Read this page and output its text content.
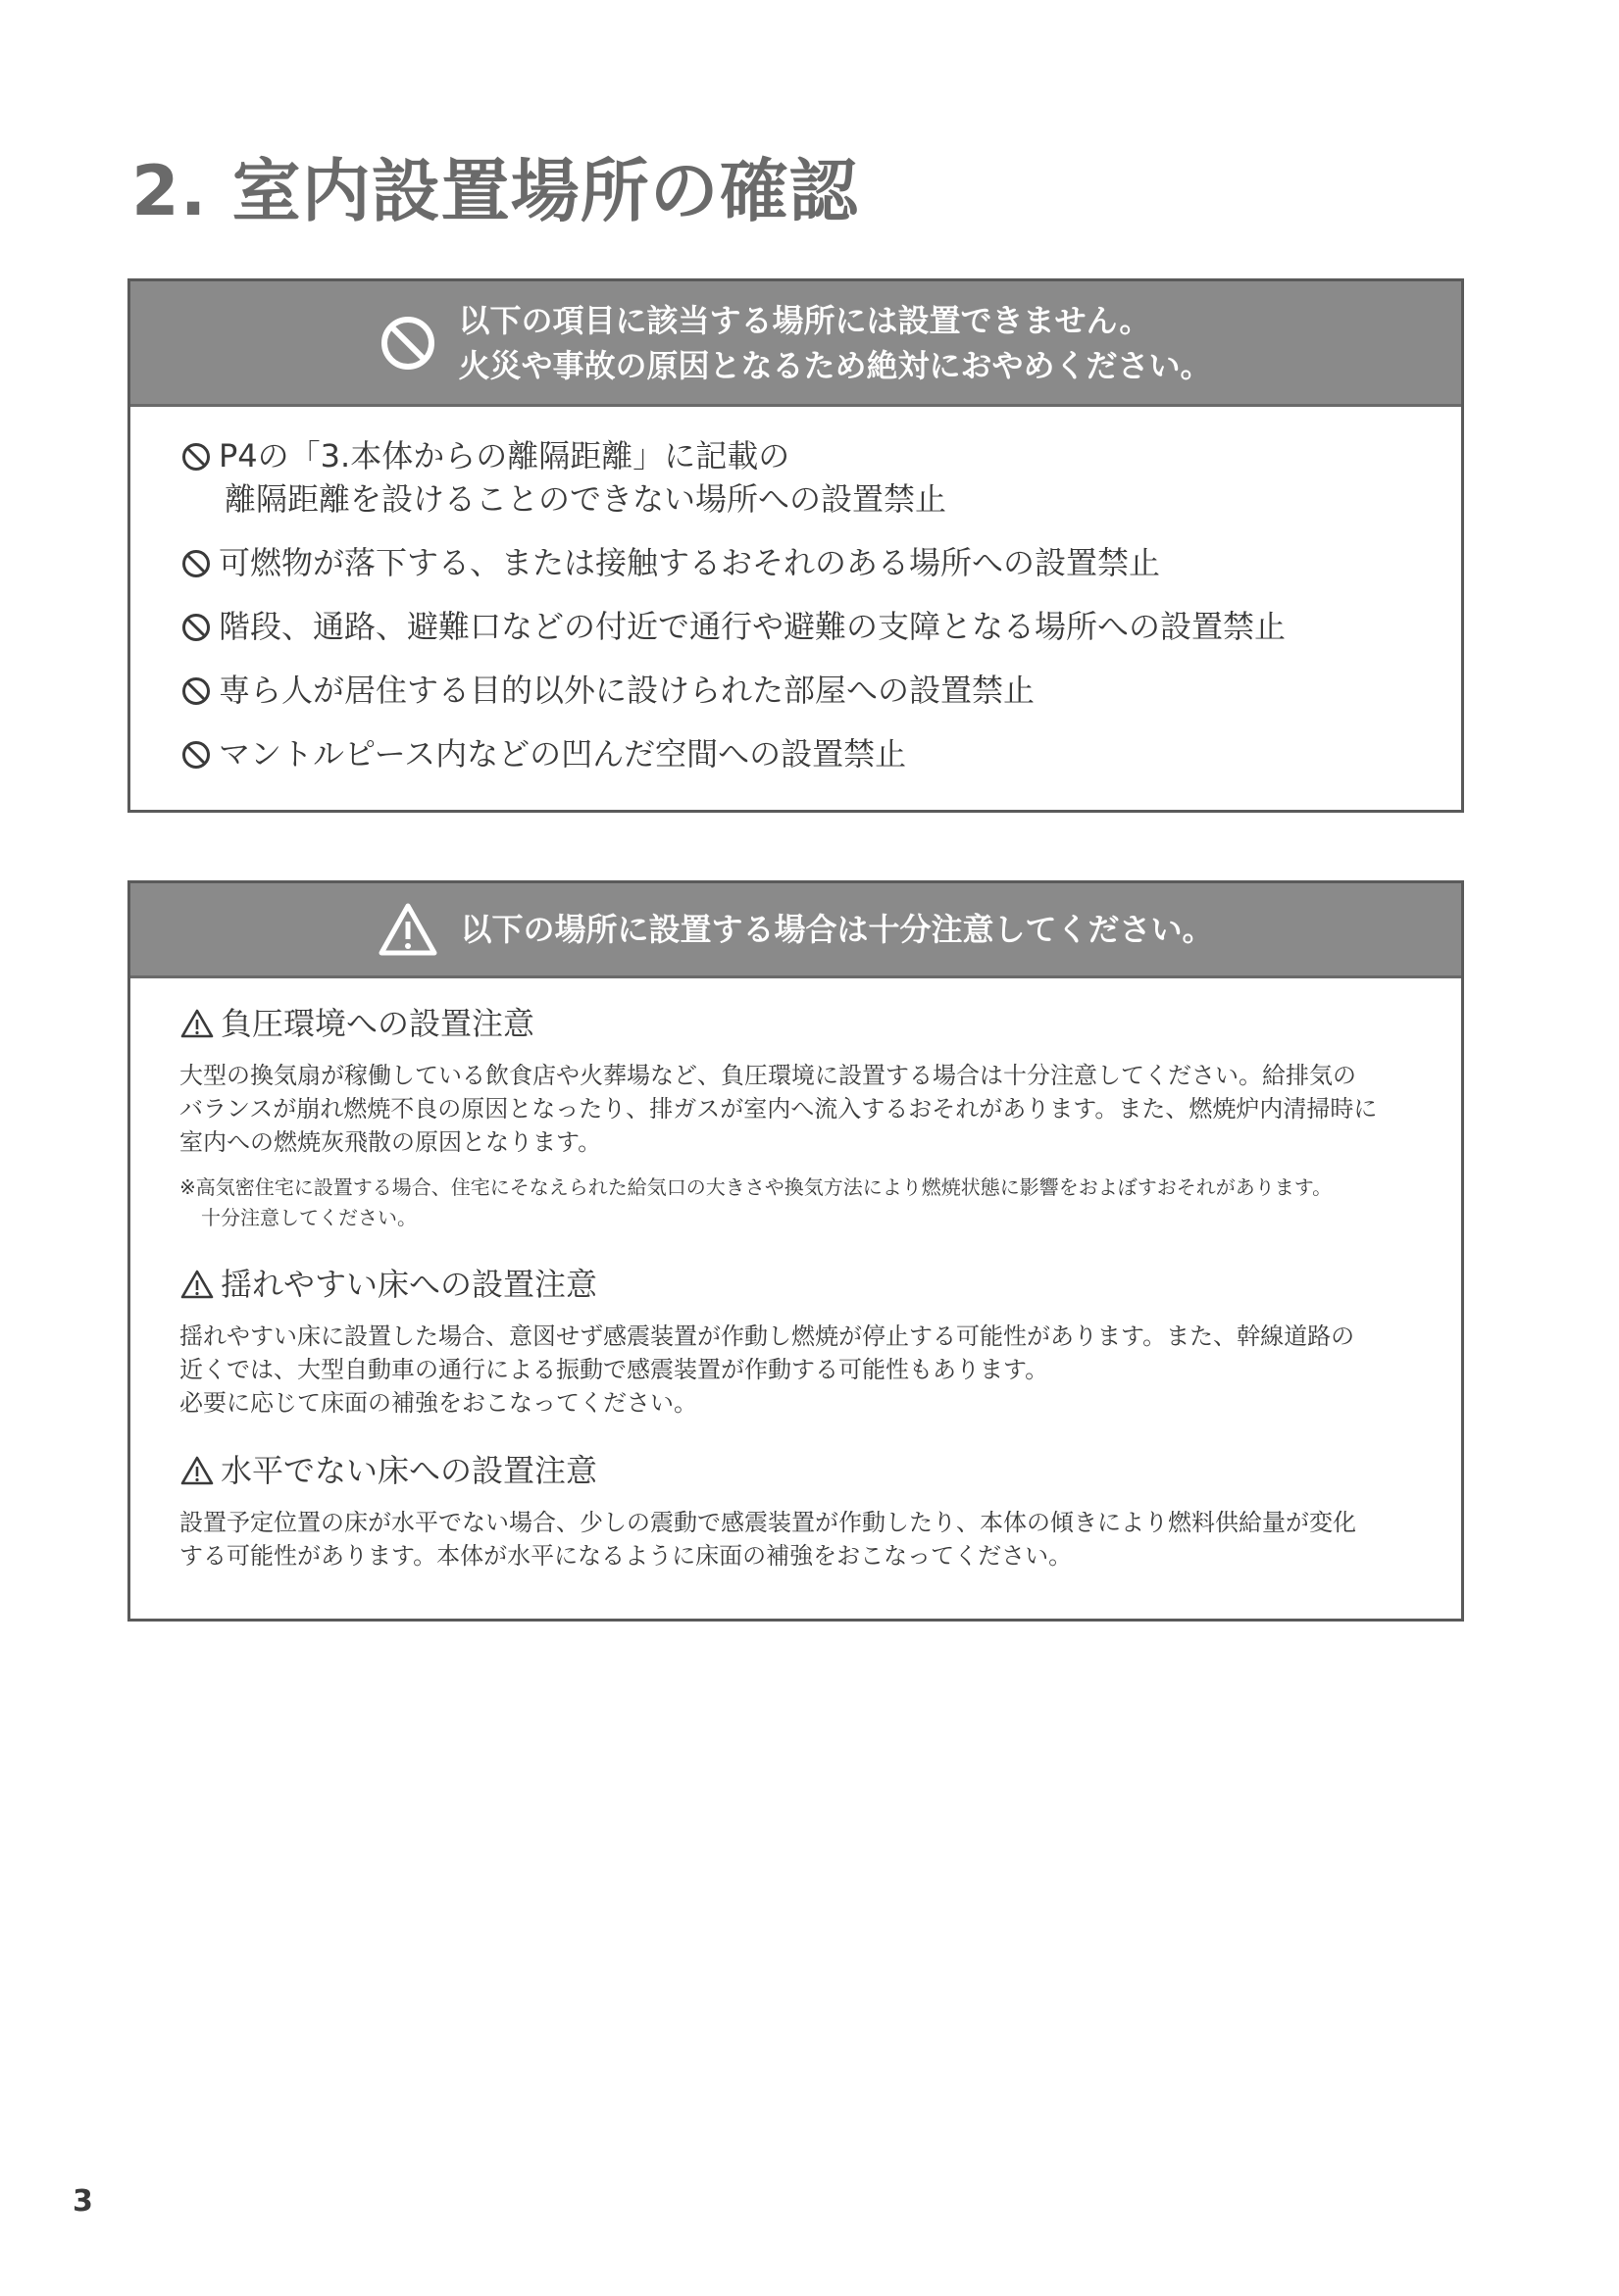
2. 室内設置場所の確認
以下の項目に該当する場所には設置できません。
火災や事故の原因となるため絶対におやめください。
P4の「3.本体からの離隔距離」に記載の
離隔距離を設けることのできない場所への設置禁止
可燃物が落下する、または接触するおそれのある場所への設置禁止
階段、通路、避難口などの付近で通行や避難の支障となる場所への設置禁止
専ら人が居住する目的以外に設けられた部屋への設置禁止
マントルピース内などの凹んだ空間への設置禁止
以下の場所に設置する場合は十分注意してください。
負圧環境への設置注意
大型の換気扇が稼働している飲食店や火葬場など、負圧環境に設置する場合は十分注意してください。給排気の
バランスが崩れ燃焼不良の原因となったり、排ガスが室内へ流入するおそれがあります。また、燃焼炉内清掃時に
室内への燃焼灰飛散の原因となります。
※高気密住宅に設置する場合、住宅にそなえられた給気口の大きさや換気方法により燃焼状態に影響をおよぼすおそれがあります。
十分注意してください。
揺れやすい床への設置注意
揺れやすい床に設置した場合、意図せず感震装置が作動し燃焼が停止する可能性があります。また、幹線道路の
近くでは、大型自動車の通行による振動で感震装置が作動する可能性もあります。
必要に応じて床面の補強をおこなってください。
水平でない床への設置注意
設置予定位置の床が水平でない場合、少しの震動で感震装置が作動したり、本体の傾きにより燃料供給量が変化
する可能性があります。本体が水平になるように床面の補強をおこなってください。
3
